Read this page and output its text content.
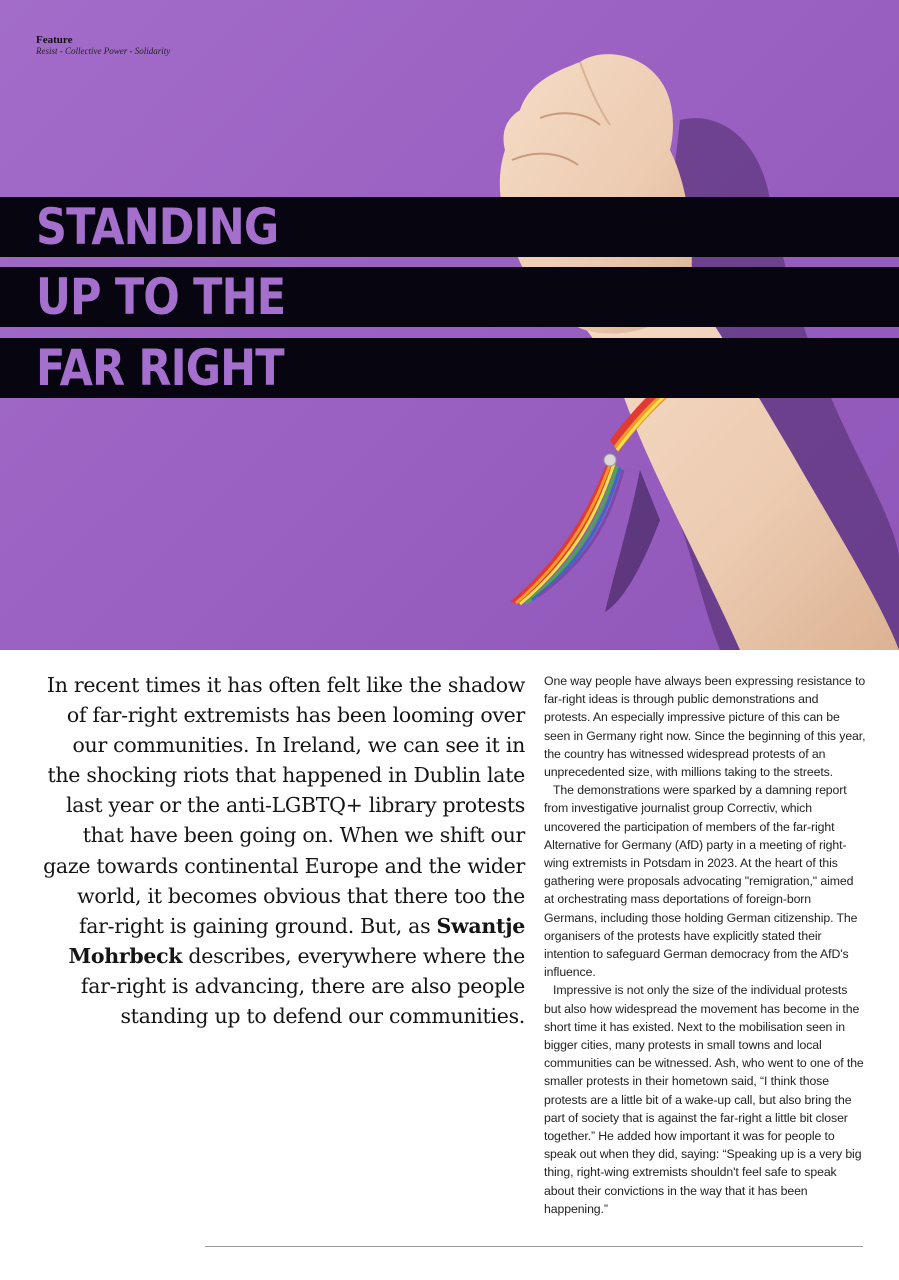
Feature
Resist - Collective Power - Solidarity
STANDING
UP TO THE
FAR RIGHT
In recent times it has often felt like the shadow
of far-right extremists has been looming over
our communities. In Ireland, we can see it in
the shocking riots that happened in Dublin late
last year or the anti-LGBTQ+ library protests
that have been going on. When we shift our
gaze towards continental Europe and the wider
world, it becomes obvious that there too the
far-right is gaining ground. But, as Swantje
Mohrbeck describes, everywhere where the
far-right is advancing, there are also people
standing up to defend our communities.

One way people have always been expressing resistance to far-right ideas is through public demonstrations and protests. An especially impressive picture of this can be seen in Germany right now. Since the beginning of this year, the country has witnessed widespread protests of an unprecedented size, with millions taking to the streets.

The demonstrations were sparked by a damning report from investigative journalist group Correctiv, which uncovered the participation of members of the far-right Alternative for Germany (AfD) party in a meeting of right-wing extremists in Potsdam in 2023. At the heart of this gathering were proposals advocating "remigration," aimed at orchestrating mass deportations of foreign-born Germans, including those holding German citizenship. The organisers of the protests have explicitly stated their intention to safeguard German democracy from the AfD's influence.

Impressive is not only the size of the individual protests but also how widespread the movement has become in the short time it has existed. Next to the mobilisation seen in bigger cities, many protests in small towns and local communities can be witnessed. Ash, who went to one of the smaller protests in their hometown said, “I think those protests are a little bit of a wake-up call, but also bring the part of society that is against the far-right a little bit closer together.” He added how important it was for people to speak out when they did, saying: “Speaking up is a very big thing, right-wing extremists shouldn't feel safe to speak about their convictions in the way that it has been happening.”
